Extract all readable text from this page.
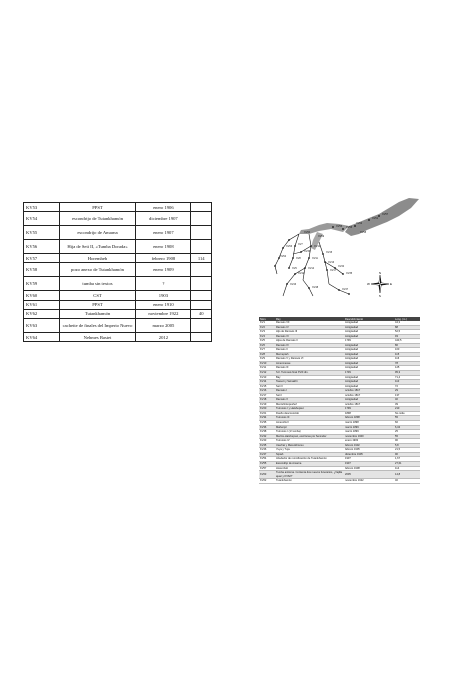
KV53	PPST	enero 1906	
KV54	escondrijo de Tutankhamón	diciembre 1907	
KV55	escondrijo de Amarna	enero 1907	
KV56	Hija de Seti II, «Tumba Dorada»	enero 1908	
KV57	Horemheb	febrero 1908	114
KV58	pozo anexo de Tutankhamón	enero 1909	
KV59	tumba sin textos	?	
KV60	CST	1903	
KV61	PPST	enero 1910	
KV62	Tutankhamón	noviembre 1922	40
KV63	cachette de finales del Imperio Nuevo	marzo 2005	
KV64	Nehmes Bastet	2012	
KV61
KV62
KV55 KV56
KV57
KV58
KV59
KV60
KV63
KV64
KV7
KV8
KV9
KV10
KV11
KV14
KV15
KV16
KV17
KV34
KV35
KV36
KV42
KV43
KV47
KV48
N
S
E
W
Núm.	Rey	Descubrimiento	Long. (m.)
KV1	Ramsés VII	Antigüedad	44,3
KV2	Ramsés IV	Antigüedad	88
KV3	Hijo de Ramsés III	Antigüedad	52,5
KV4	Ramsés XI	Antigüedad	93
KV5	Hijos de Ramsés II	1799	443,5
KV6	Ramsés IX	Antigüedad	86
KV7	Ramsés II	Antigüedad	100
KV8	Merneptah	Antigüedad	115
KV9	Ramsés V y Ramsés VI	Antigüedad	116
KV10	Amenmesse	Antigüedad	78
KV11	Ramsés III	Antigüedad	125
KV12	S.F. Tutmosis final XVIII din.	1739	95,3
KV13	Bay	Antigüedad	71,4
KV14	Tausert y Setnakht	Antigüedad	110
KV15	Seti II	Antigüedad	72
KV16	Ramsés I	octubre 1817	29
KV17	Seti I	octubre 1817	137
KV18	Ramsés X	Antigüedad	40
KV19	Mentuhirkopeshef	octubre 1817	39
KV20	Tutmosis I y Hatshepsut	1799	210
KV21	Dueño desconocido	1898	No mide
KV34	Tutmosis III	febrero 1898	55
KV35	Amenofis II	marzo 1898	66
KV36	Maiherpri	marzo 1899	6,34
KV38	Tutmosis I (1ª tumba)	marzo 1899	25
KV42	Meritre-Hatshepsut, escrituras por Sennefer	noviembre 1900	55
KV43	Tutmosis IV	enero 1903	90
KV45	Userhat y Merenkhonsu	febrero 1902	5,8
KV46	Yuya y Tuyu	febrero 1905	21,5
KV47	Siptah	diciembre 1905	90
KV54	Alrededor de momificación de Tutankhamón	1907	1,67
KV55	Escondrijo de Amarna	1907	27,61
KV57	Horemheb	febrero 1908	114
KV63	Tumba antiorna. Contenía dos nuevos funerarios, ¿Vajilla ajuar y KV62?	2005	14,8
KV62	Tutankhamón	noviembre 1922	40
